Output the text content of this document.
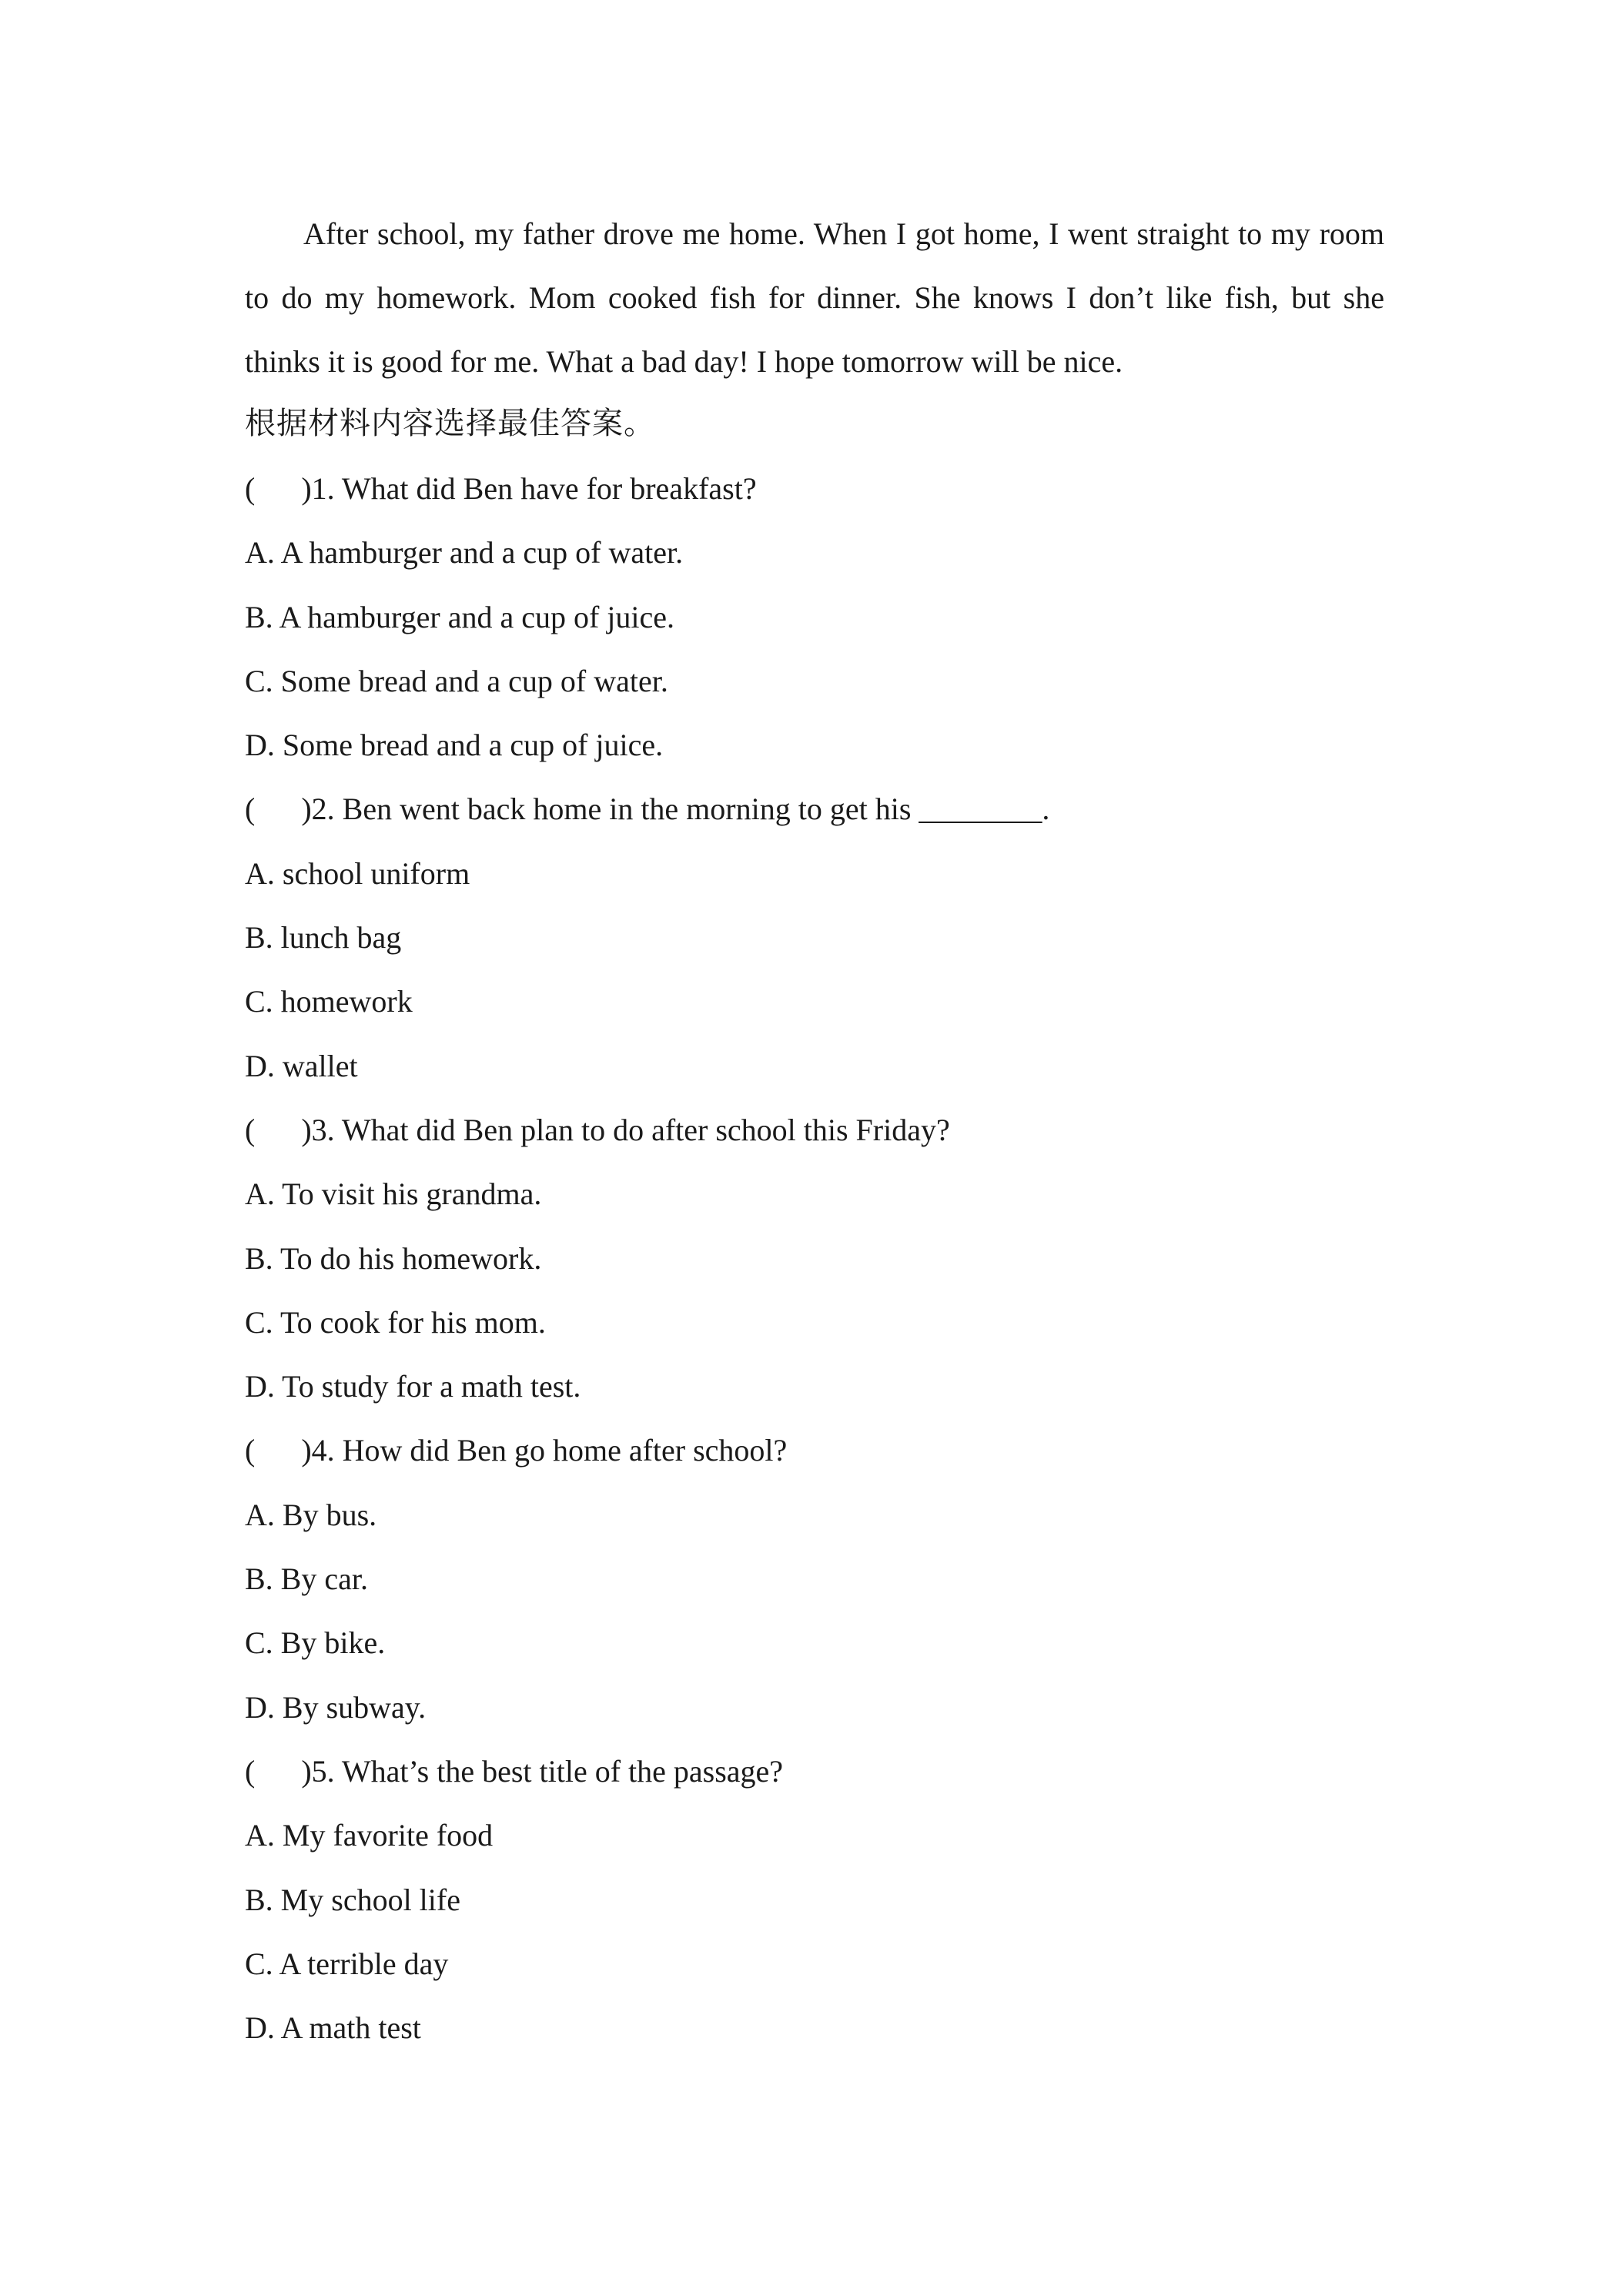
After school, my father drove me home. When I got home, I went straight to my room to do my homework. Mom cooked fish for dinner. She knows I don’t like fish, but she thinks it is good for me. What a bad day! I hope tomorrow will be nice.

根据材料内容选择最佳答案。
(      )1. What did Ben have for breakfast?
A. A hamburger and a cup of water.
B. A hamburger and a cup of juice.
C. Some bread and a cup of water.
D. Some bread and a cup of juice.
(      )2. Ben went back home in the morning to get his ________.
A. school uniform
B. lunch bag
C. homework
D. wallet
(      )3. What did Ben plan to do after school this Friday?
A. To visit his grandma.
B. To do his homework.
C. To cook for his mom.
D. To study for a math test.
(      )4. How did Ben go home after school?
A. By bus.
B. By car.
C. By bike.
D. By subway.
(      )5. What’s the best title of the passage?
A. My favorite food
B. My school life
C. A terrible day
D. A math test
